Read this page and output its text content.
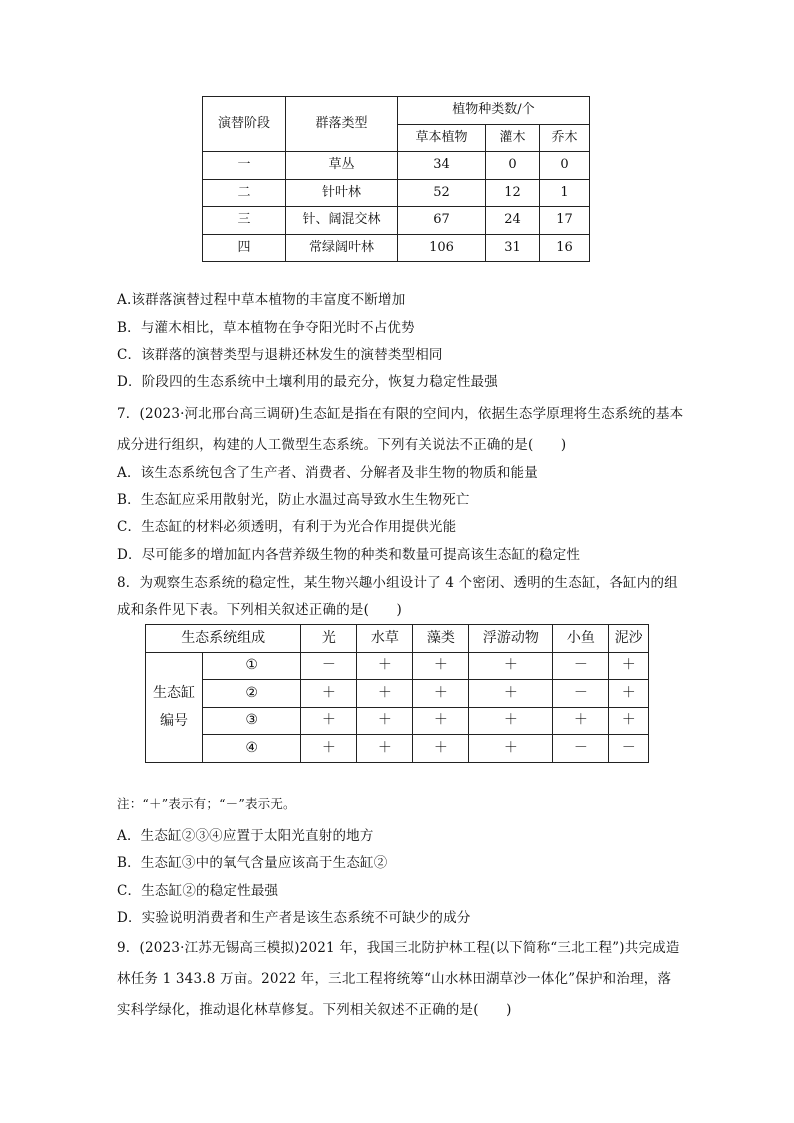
演替阶段	群落类型	植物种类数/个		
		草本植物	灌木	乔木
一	草丛	34	0	0
二	针叶林	52	12	1
三	针、阔混交林	67	24	17
四	常绿阔叶林	106	31	16
A.该群落演替过程中草本植物的丰富度不断增加
B．与灌木相比，草本植物在争夺阳光时不占优势
C．该群落的演替类型与退耕还林发生的演替类型相同
D．阶段四的生态系统中土壤利用的最充分，恢复力稳定性最强
7．(2023·河北邢台高三调研)生态缸是指在有限的空间内，依据生态学原理将生态系统的基本
成分进行组织，构建的人工微型生态系统。下列有关说法不正确的是(　　)
A．该生态系统包含了生产者、消费者、分解者及非生物的物质和能量
B．生态缸应采用散射光，防止水温过高导致水生生物死亡
C．生态缸的材料必须透明，有利于为光合作用提供光能
D．尽可能多的增加缸内各营养级生物的种类和数量可提高该生态缸的稳定性
8．为观察生态系统的稳定性，某生物兴趣小组设计了 4 个密闭、透明的生态缸，各缸内的组
成和条件见下表。下列相关叙述正确的是(　　)
生态系统组成		光	水草	藻类	浮游动物	小鱼	泥沙
生态缸
编号	①	－	＋	＋	＋	－	＋
	②	＋	＋	＋	＋	－	＋
	③	＋	＋	＋	＋	＋	＋
	④	＋	＋	＋	＋	－	－
注：“＋”表示有；“－”表示无。
A．生态缸②③④应置于太阳光直射的地方
B．生态缸③中的氧气含量应该高于生态缸②
C．生态缸②的稳定性最强
D．实验说明消费者和生产者是该生态系统不可缺少的成分
9．(2023·江苏无锡高三模拟)2021 年，我国三北防护林工程(以下简称“三北工程”)共完成造
林任务 1 343.8 万亩。2022 年，三北工程将统筹“山水林田湖草沙一体化”保护和治理，落
实科学绿化，推动退化林草修复。下列相关叙述不正确的是(　　)
